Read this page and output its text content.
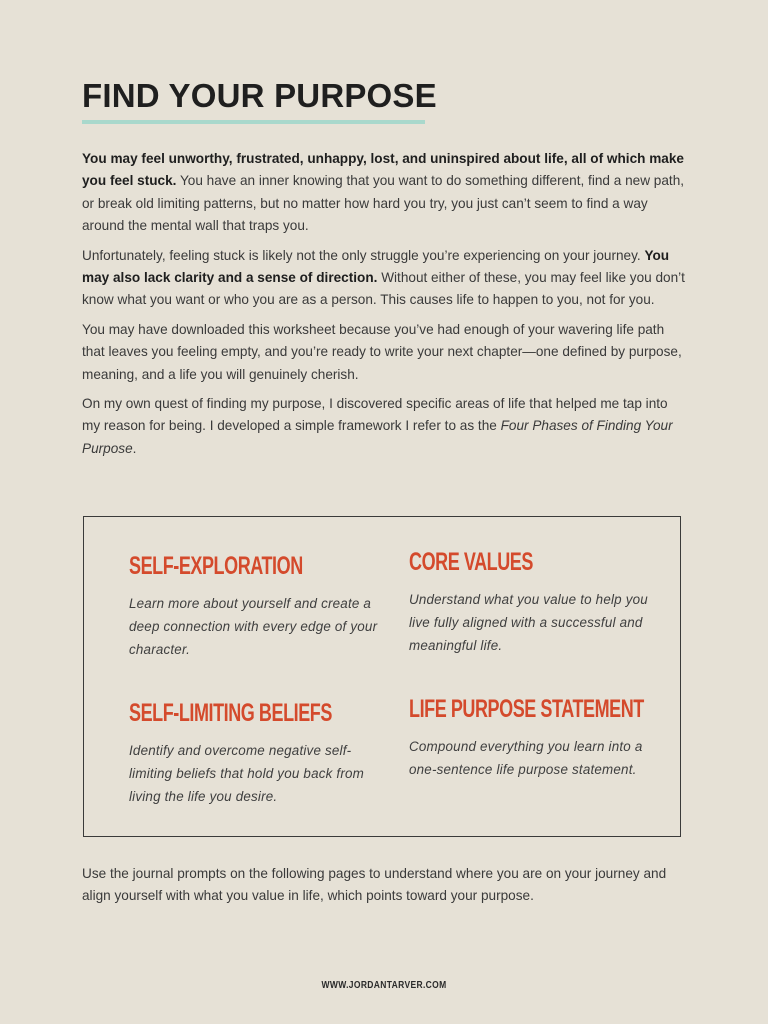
FIND YOUR PURPOSE

You may feel unworthy, frustrated, unhappy, lost, and uninspired about life, all of which make you feel stuck. You have an inner knowing that you want to do something different, find a new path, or break old limiting patterns, but no matter how hard you try, you just can’t seem to find a way around the mental wall that traps you.

Unfortunately, feeling stuck is likely not the only struggle you’re experiencing on your journey. You may also lack clarity and a sense of direction. Without either of these, you may feel like you don’t know what you want or who you are as a person. This causes life to happen to you, not for you.

You may have downloaded this worksheet because you’ve had enough of your wavering life path that leaves you feeling empty, and you’re ready to write your next chapter—one defined by purpose, meaning, and a life you will genuinely cherish.

On my own quest of finding my purpose, I discovered specific areas of life that helped me tap into my reason for being. I developed a simple framework I refer to as the Four Phases of Finding Your Purpose.

SELF-EXPLORATION

Learn more about yourself and create a deep connection with every edge of your character.

CORE VALUES

Understand what you value to help you live fully aligned with a successful and meaningful life.

SELF-LIMITING BELIEFS

Identify and overcome negative self-limiting beliefs that hold you back from living the life you desire.

LIFE PURPOSE STATEMENT

Compound everything you learn into a one-sentence life purpose statement.

Use the journal prompts on the following pages to understand where you are on your journey and align yourself with what you value in life, which points toward your purpose.

WWW.JORDANTARVER.COM
